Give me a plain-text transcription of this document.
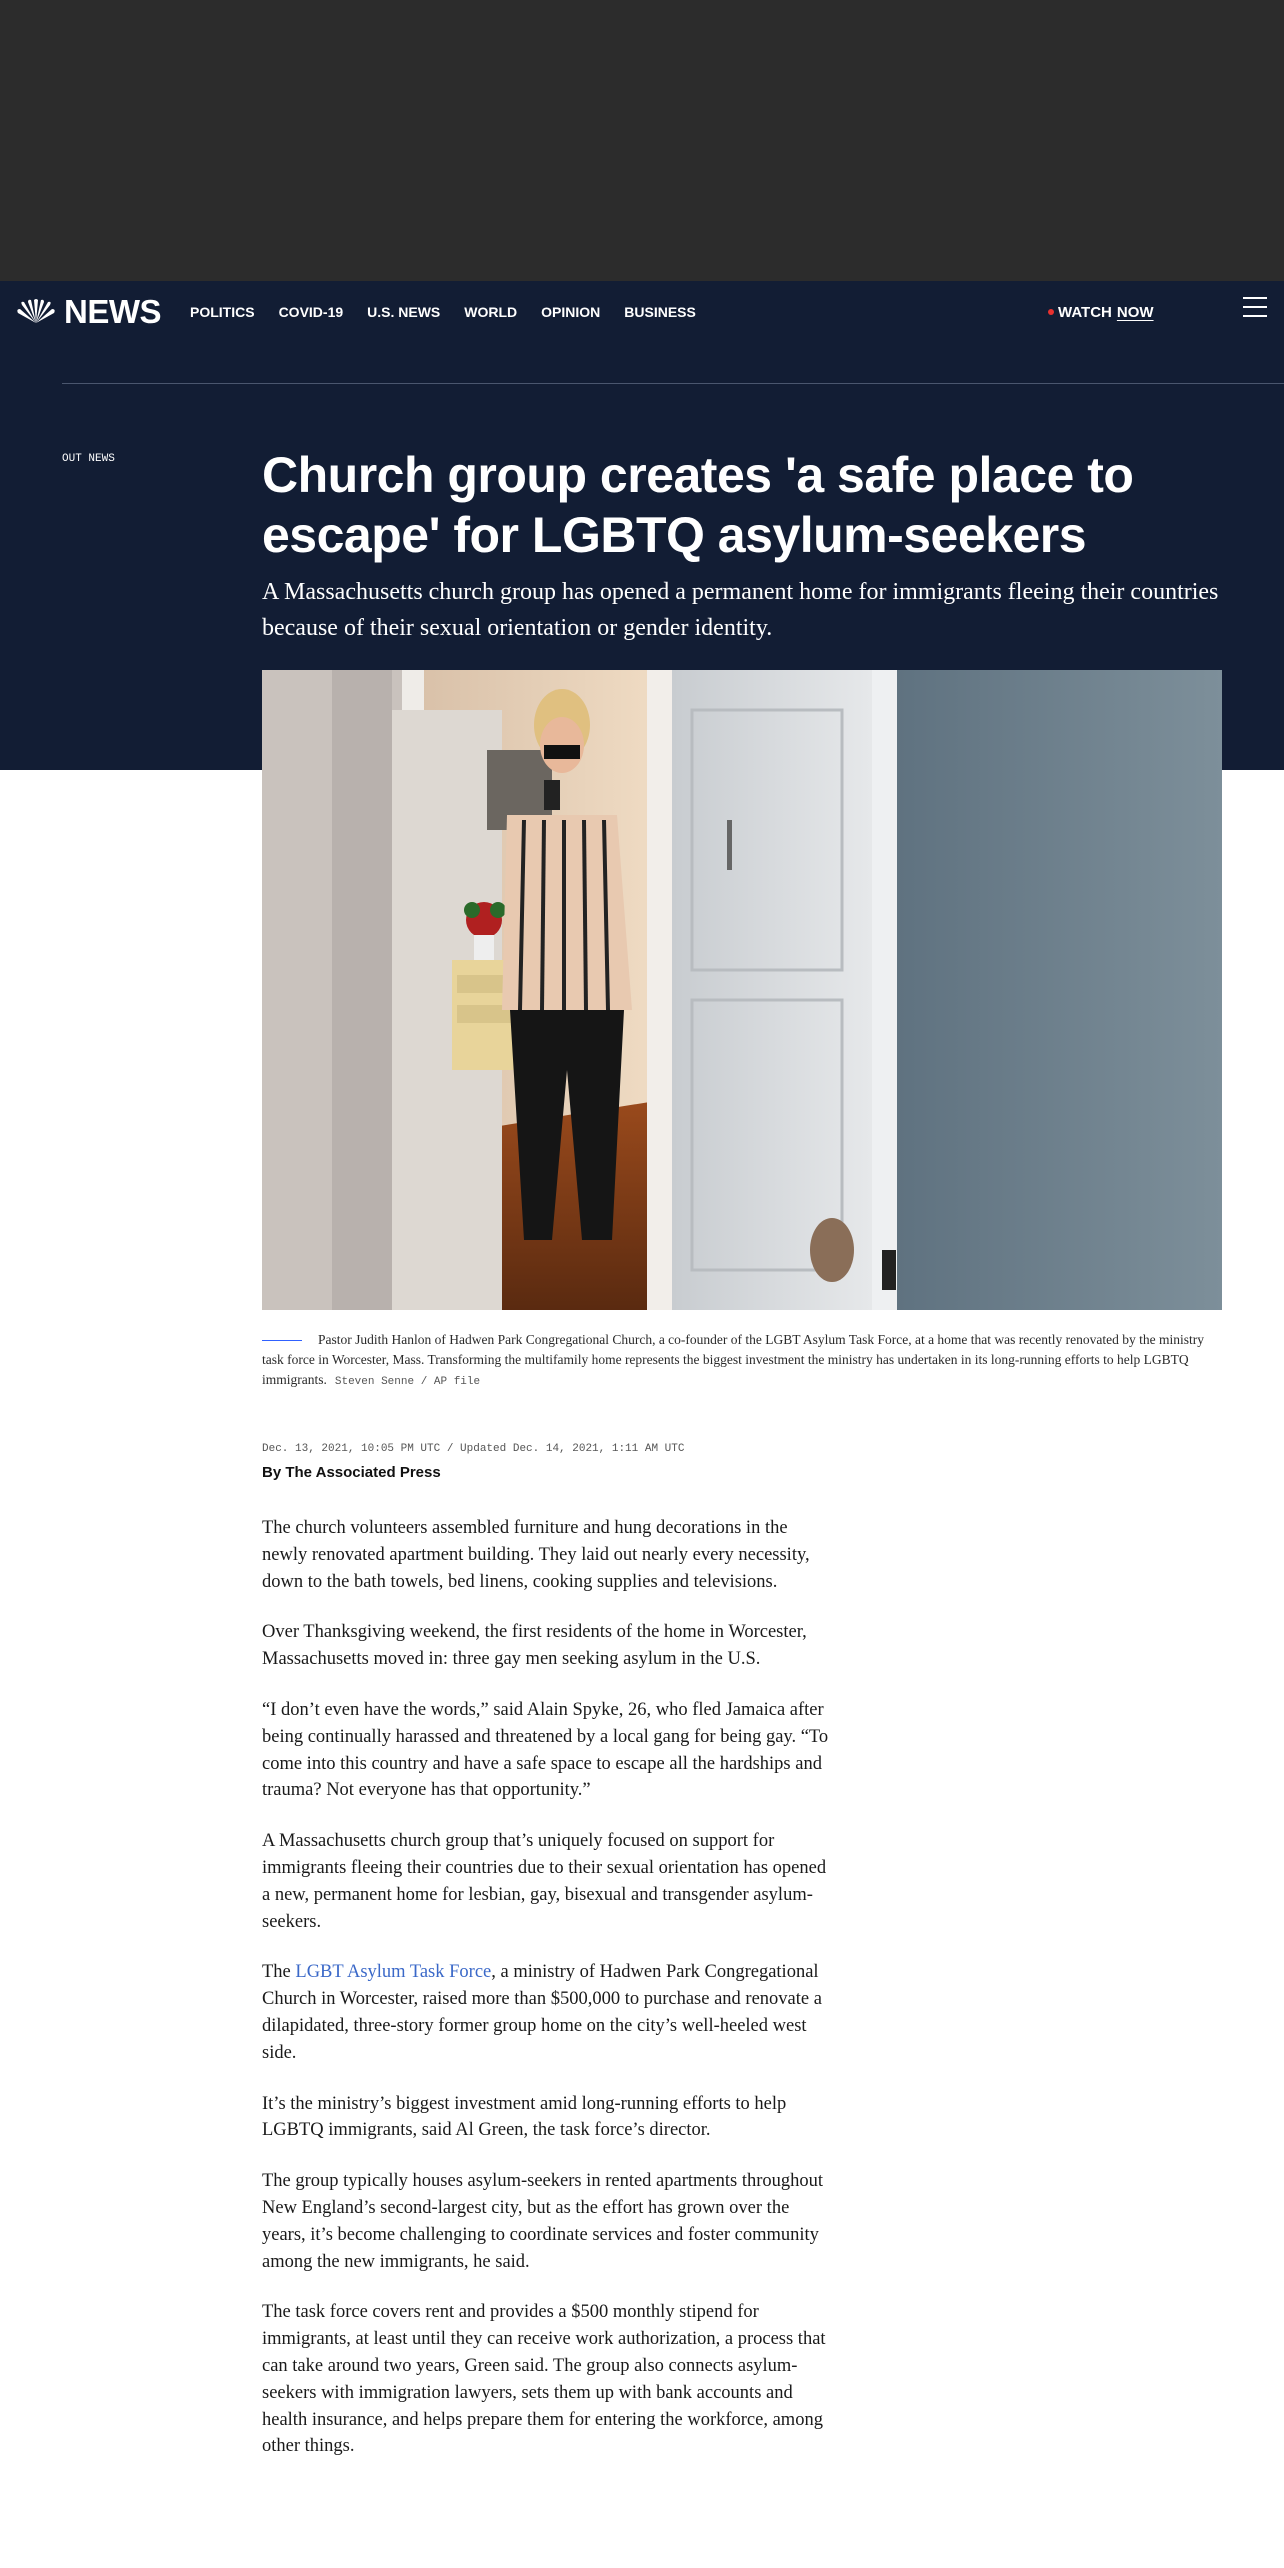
NEWS POLITICS COVID-19 U.S. NEWS WORLD OPINION BUSINESS	WATCH NOW
OUT NEWS	Church group creates 'a safe place to escape' for LGBTQ asylum-seekers

A Massachusetts church group has opened a permanent home for immigrants fleeing their countries because of their sexual orientation or gender identity.

Pastor Judith Hanlon of Hadwen Park Congregational Church, a co-founder of the LGBT Asylum Task Force, at a home that was recently renovated by the ministry task force in Worcester, Mass. Transforming the multifamily home represents the biggest investment the ministry has undertaken in its long-running efforts to help LGBTQ immigrants. Steven Senne / AP file

Dec. 13, 2021, 10:05 PM UTC / Updated Dec. 14, 2021, 1:11 AM UTC
By The Associated Press

The church volunteers assembled furniture and hung decorations in the newly renovated apartment building. They laid out nearly every necessity, down to the bath towels, bed linens, cooking supplies and televisions.

Over Thanksgiving weekend, the first residents of the home in Worcester, Massachusetts moved in: three gay men seeking asylum in the U.S.

“I don’t even have the words,” said Alain Spyke, 26, who fled Jamaica after being continually harassed and threatened by a local gang for being gay. “To come into this country and have a safe space to escape all the hardships and trauma? Not everyone has that opportunity.”

A Massachusetts church group that’s uniquely focused on support for immigrants fleeing their countries due to their sexual orientation has opened a new, permanent home for lesbian, gay, bisexual and transgender asylum-seekers.

The LGBT Asylum Task Force, a ministry of Hadwen Park Congregational Church in Worcester, raised more than $500,000 to purchase and renovate a dilapidated, three-story former group home on the city’s well-heeled west side.

It’s the ministry’s biggest investment amid long-running efforts to help LGBTQ immigrants, said Al Green, the task force’s director.

The group typically houses asylum-seekers in rented apartments throughout New England’s second-largest city, but as the effort has grown over the years, it’s become challenging to coordinate services and foster community among the new immigrants, he said.

The task force covers rent and provides a $500 monthly stipend for immigrants, at least until they can receive work authorization, a process that can take around two years, Green said. The group also connects asylum-seekers with immigration lawyers, sets them up with bank accounts and health insurance, and helps prepare them for entering the workforce, among other things.
